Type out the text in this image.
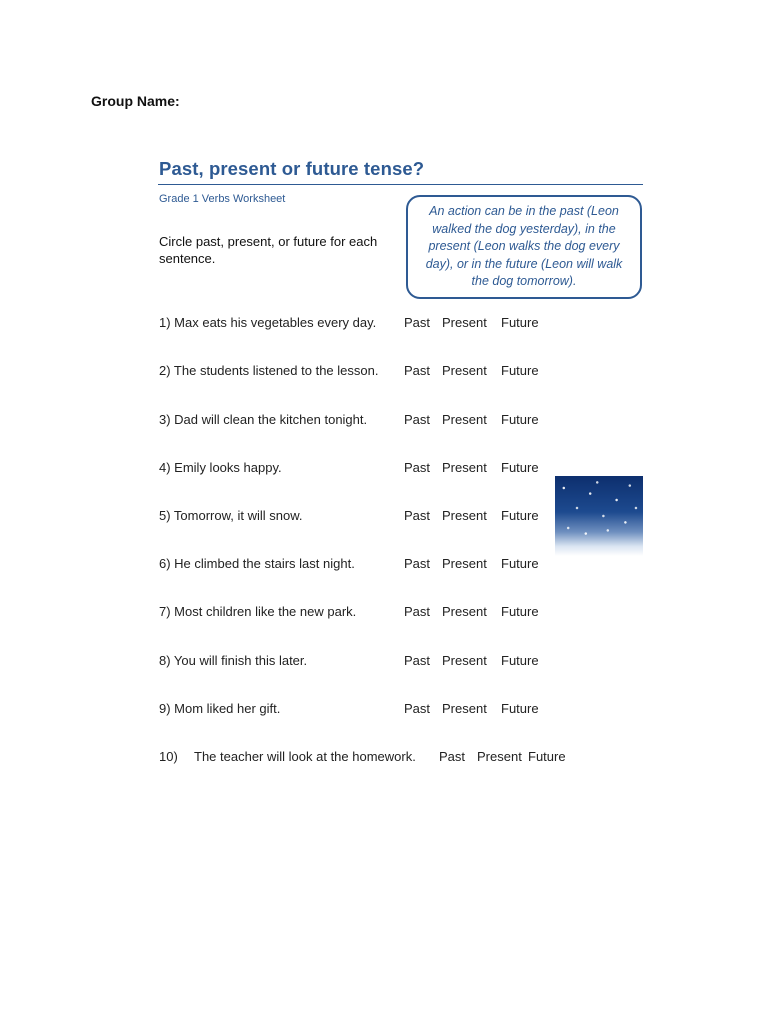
Group Name:
Past, present or future tense?
Grade 1 Verbs Worksheet
Circle past, present, or future for each sentence.
An action can be in the past (Leon walked the dog yesterday), in the present (Leon walks the dog every day), or in the future (Leon will walk the dog tomorrow).
1) Max eats his vegetables every day. Past Present Future
2) The students listened to the lesson. Past Present Future
3) Dad will clean the kitchen tonight.	Past Present Future
4) Emily looks happy.	Past Present Future
5) Tomorrow, it will snow.	Past Present Future
6) He climbed the stairs last night.	Past Present Future
7) Most children like the new park.	Past Present Future
8) You will finish this later.	Past Present Future
9) Mom liked her gift.	Past Present Future
10) The teacher will look at the homework. Past Present Future
